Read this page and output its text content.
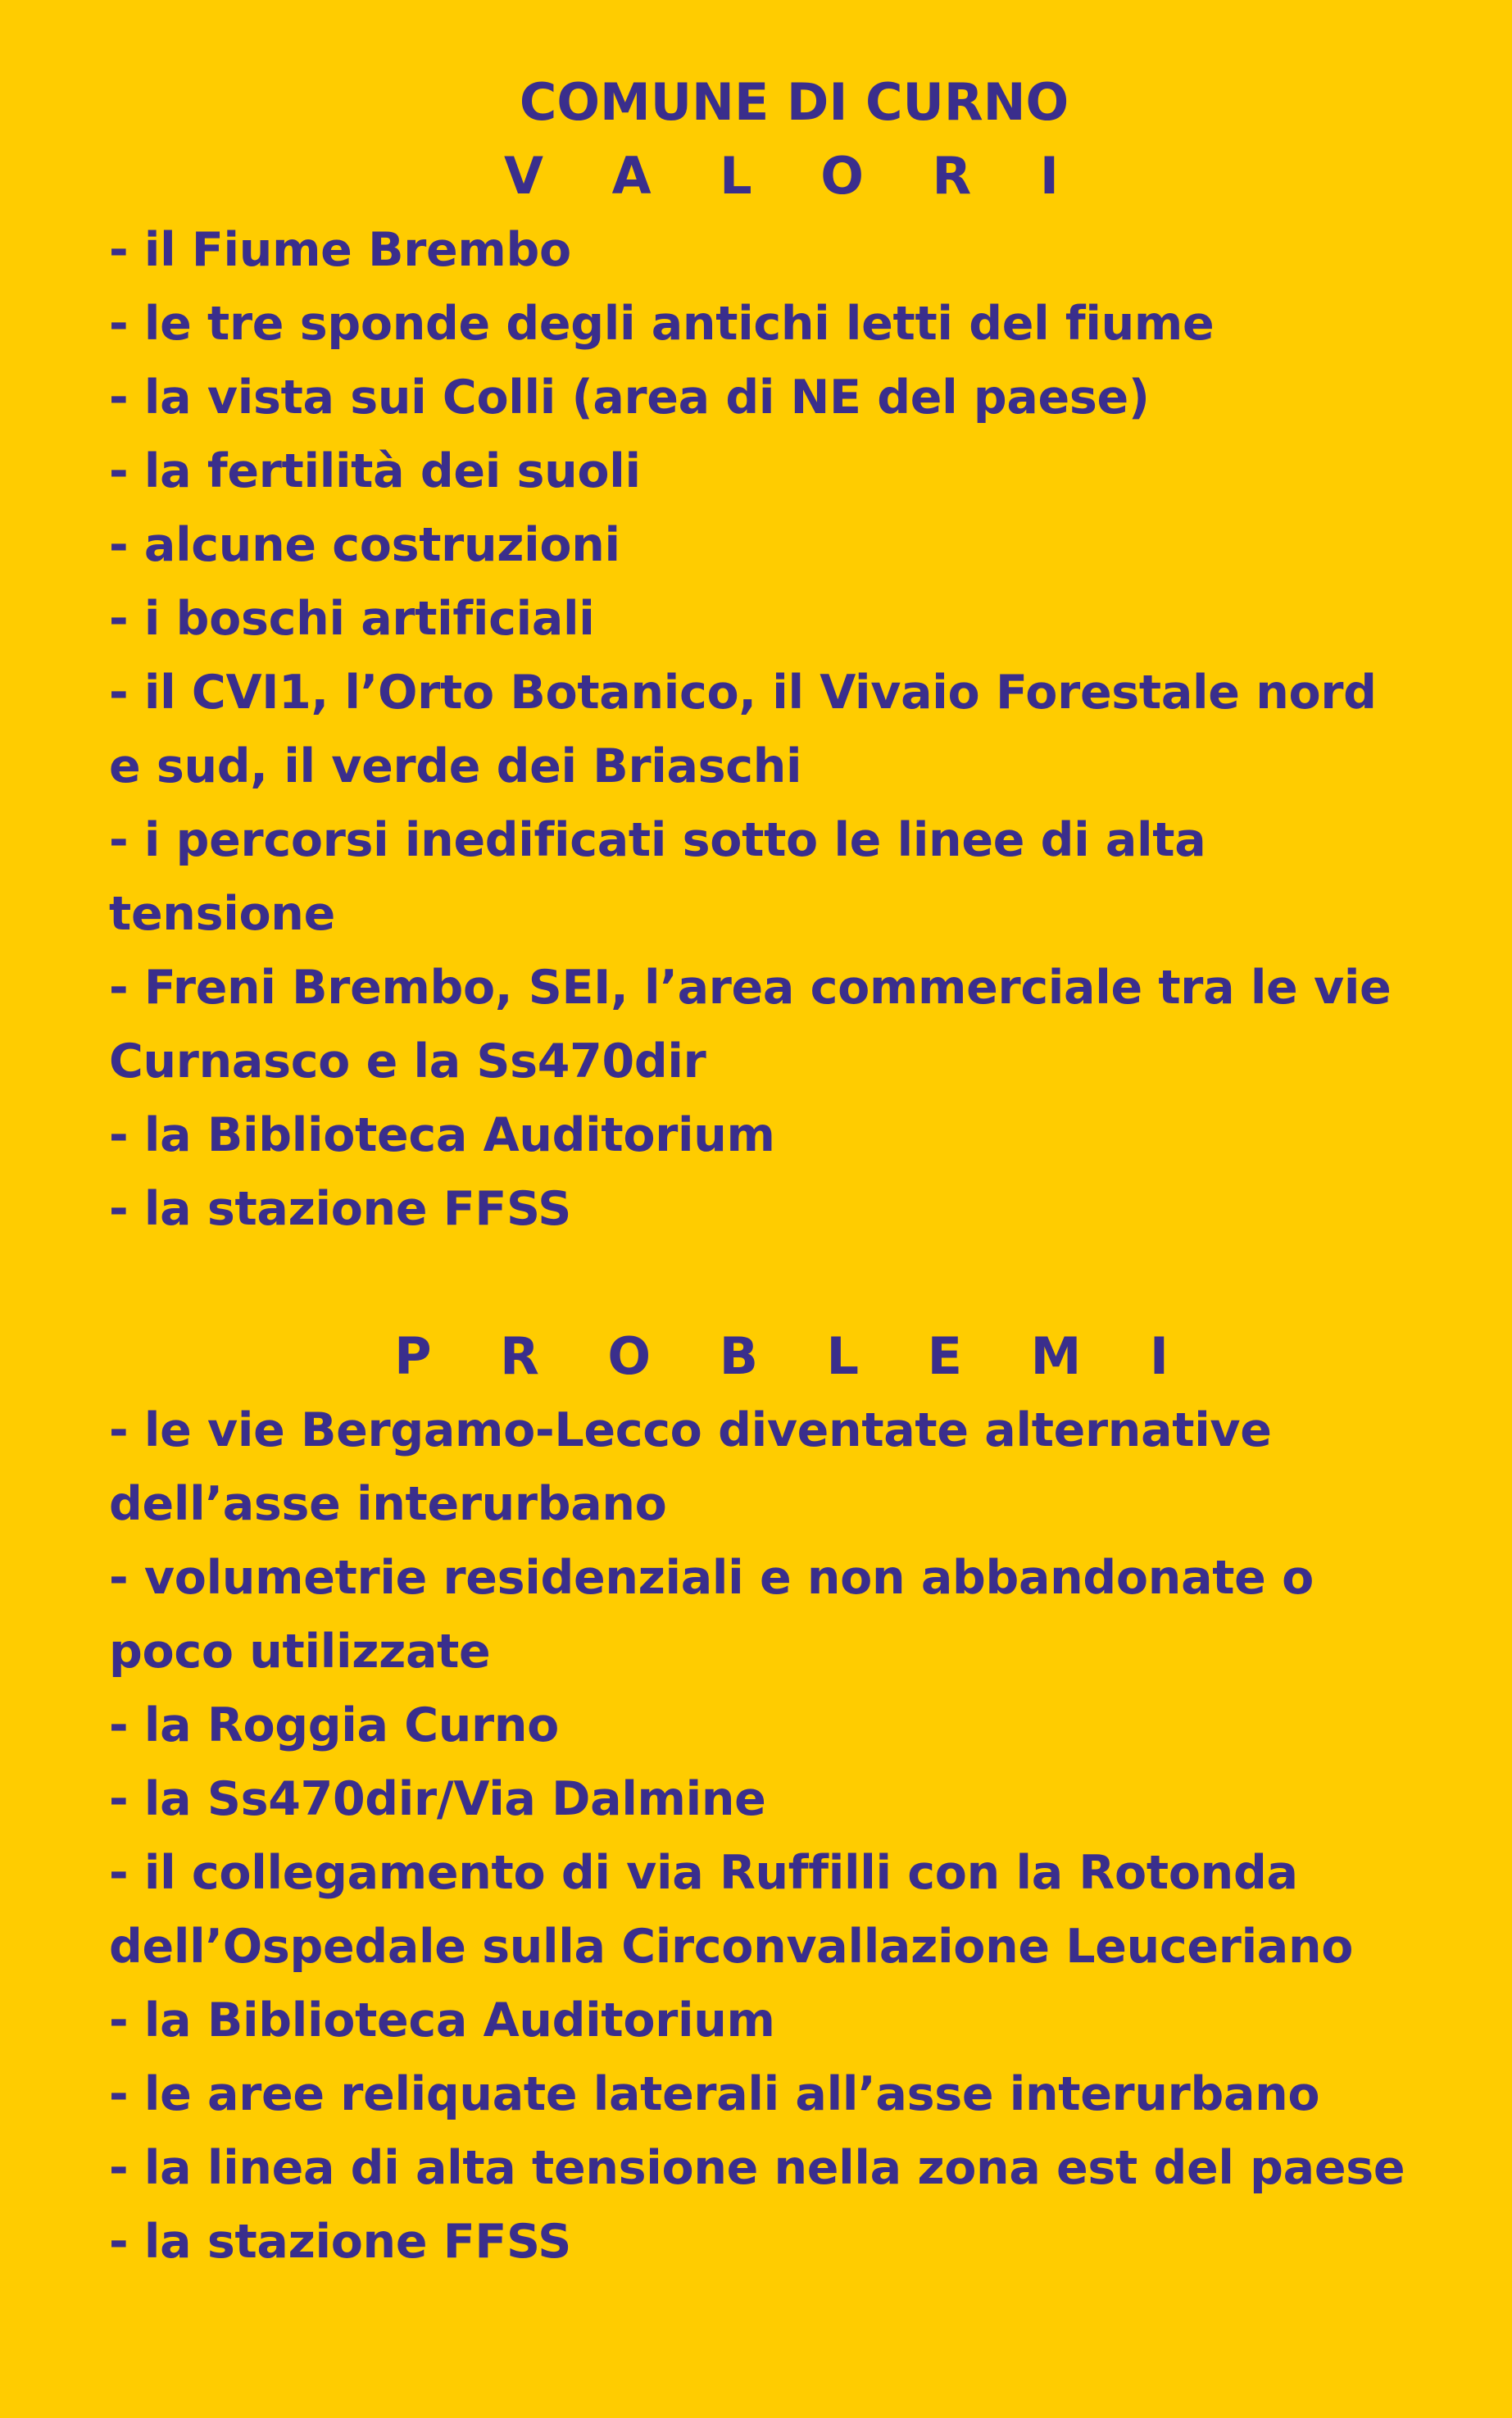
COMUNE DI CURNO
V A L O R I
- il Fiume Brembo
- le tre sponde degli antichi letti del fiume
- la vista sui Colli (area di NE del paese)
- la fertilità dei suoli
- alcune costruzioni
- i boschi artificiali
- il CVI1, l’Orto Botanico, il Vivaio Forestale nord
e sud, il verde dei Briaschi
- i percorsi inedificati sotto le linee di alta
tensione
- Freni Brembo, SEI, l’area commerciale tra le vie
Curnasco e la Ss470dir
- la Biblioteca Auditorium
- la stazione FFSS
P R O B L E M I
- le vie Bergamo-Lecco diventate alternative
dell’asse interurbano
- volumetrie residenziali e non abbandonate o
poco utilizzate
- la Roggia Curno
- la Ss470dir/Via Dalmine
- il collegamento di via Ruffilli con la Rotonda
dell’Ospedale sulla Circonvallazione Leuceriano
- la Biblioteca Auditorium
- le aree reliquate laterali all’asse interurbano
- la linea di alta tensione nella zona est del paese
- la stazione FFSS
